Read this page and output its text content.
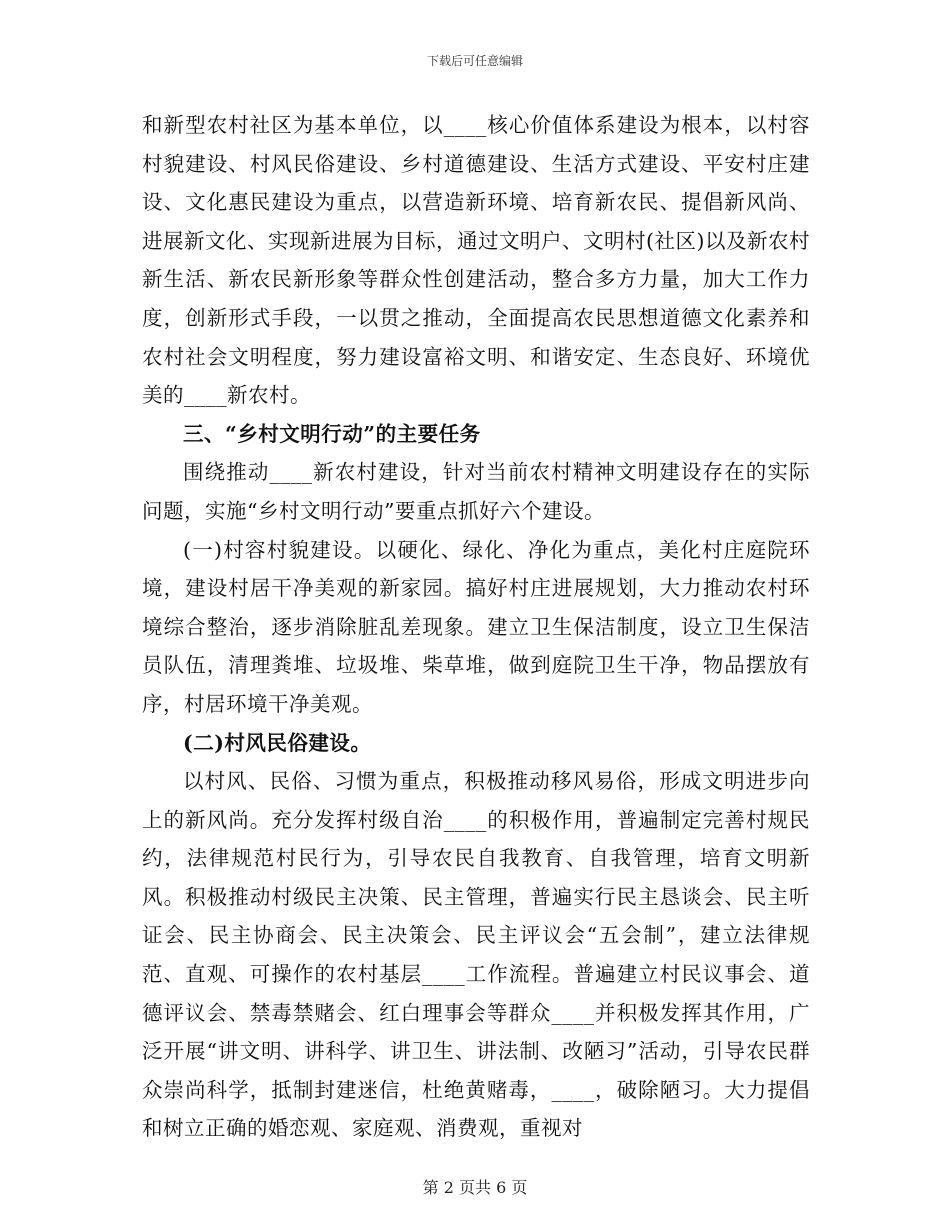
下载后可任意编辑

和新型农村社区为基本单位，以____核心价值体系建设为根本，以村容村貌建设、村风民俗建设、乡村道德建设、生活方式建设、平安村庄建设、文化惠民建设为重点，以营造新环境、培育新农民、提倡新风尚、进展新文化、实现新进展为目标，通过文明户、文明村(社区)以及新农村新生活、新农民新形象等群众性创建活动，整合多方力量，加大工作力度，创新形式手段，一以贯之推动，全面提高农民思想道德文化素养和农村社会文明程度，努力建设富裕文明、和谐安定、生态良好、环境优美的____新农村。

三、“乡村文明行动”的主要任务

围绕推动____新农村建设，针对当前农村精神文明建设存在的实际问题，实施“乡村文明行动”要重点抓好六个建设。

(一)村容村貌建设。以硬化、绿化、净化为重点，美化村庄庭院环境，建设村居干净美观的新家园。搞好村庄进展规划，大力推动农村环境综合整治，逐步消除脏乱差现象。建立卫生保洁制度，设立卫生保洁员队伍，清理粪堆、垃圾堆、柴草堆，做到庭院卫生干净，物品摆放有序，村居环境干净美观。

(二)村风民俗建设。

以村风、民俗、习惯为重点，积极推动移风易俗，形成文明进步向上的新风尚。充分发挥村级自治____的积极作用，普遍制定完善村规民约，法律规范村民行为，引导农民自我教育、自我管理，培育文明新风。积极推动村级民主决策、民主管理，普遍实行民主恳谈会、民主听证会、民主协商会、民主决策会、民主评议会“五会制”，建立法律规范、直观、可操作的农村基层____工作流程。普遍建立村民议事会、道德评议会、禁毒禁赌会、红白理事会等群众____并积极发挥其作用，广泛开展“讲文明、讲科学、讲卫生、讲法制、改陋习”活动，引导农民群众崇尚科学，抵制封建迷信，杜绝黄赌毒，____，破除陋习。大力提倡和树立正确的婚恋观、家庭观、消费观，重视对

第 2 页共 6 页
